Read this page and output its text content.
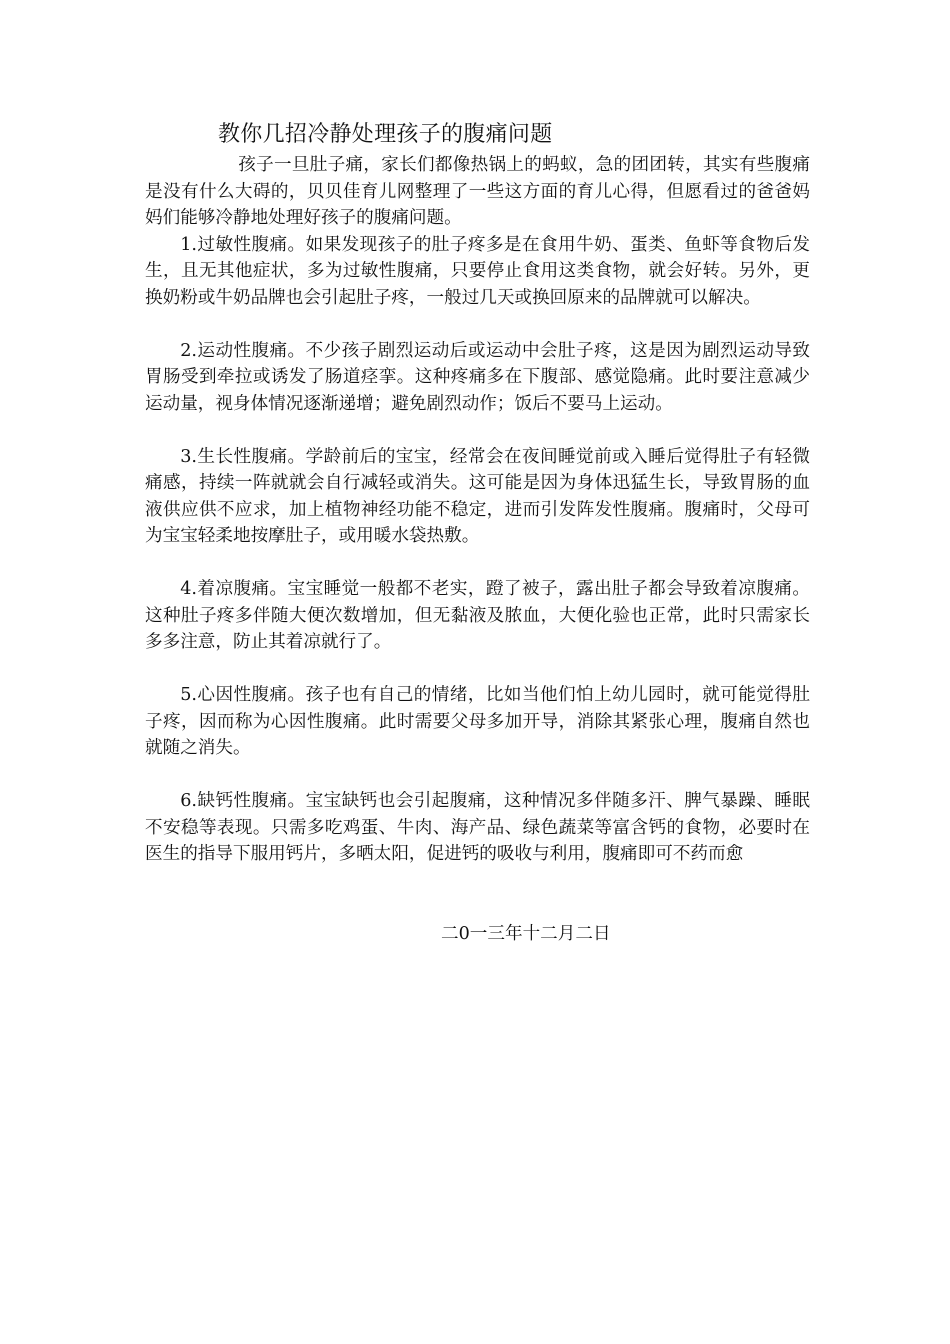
教你几招冷静处理孩子的腹痛问题

孩子一旦肚子痛，家长们都像热锅上的蚂蚁，急的团团转，其实有些腹痛是没有什么大碍的，贝贝佳育儿网整理了一些这方面的育儿心得，但愿看过的爸爸妈妈们能够冷静地处理好孩子的腹痛问题。

1.过敏性腹痛。如果发现孩子的肚子疼多是在食用牛奶、蛋类、鱼虾等食物后发生，且无其他症状，多为过敏性腹痛，只要停止食用这类食物，就会好转。另外，更换奶粉或牛奶品牌也会引起肚子疼，一般过几天或换回原来的品牌就可以解决。

2.运动性腹痛。不少孩子剧烈运动后或运动中会肚子疼，这是因为剧烈运动导致胃肠受到牵拉或诱发了肠道痉挛。这种疼痛多在下腹部、感觉隐痛。此时要注意减少运动量，视身体情况逐渐递增；避免剧烈动作；饭后不要马上运动。

3.生长性腹痛。学龄前后的宝宝，经常会在夜间睡觉前或入睡后觉得肚子有轻微痛感，持续一阵就就会自行减轻或消失。这可能是因为身体迅猛生长，导致胃肠的血液供应供不应求，加上植物神经功能不稳定，进而引发阵发性腹痛。腹痛时，父母可为宝宝轻柔地按摩肚子，或用暖水袋热敷。

4.着凉腹痛。宝宝睡觉一般都不老实，蹬了被子，露出肚子都会导致着凉腹痛。这种肚子疼多伴随大便次数增加，但无黏液及脓血，大便化验也正常，此时只需家长多多注意，防止其着凉就行了。

5.心因性腹痛。孩子也有自己的情绪，比如当他们怕上幼儿园时，就可能觉得肚子疼，因而称为心因性腹痛。此时需要父母多加开导，消除其紧张心理，腹痛自然也就随之消失。

6.缺钙性腹痛。宝宝缺钙也会引起腹痛，这种情况多伴随多汗、脾气暴躁、睡眠不安稳等表现。只需多吃鸡蛋、牛肉、海产品、绿色蔬菜等富含钙的食物，必要时在医生的指导下服用钙片，多晒太阳，促进钙的吸收与利用，腹痛即可不药而愈

二0一三年十二月二日
